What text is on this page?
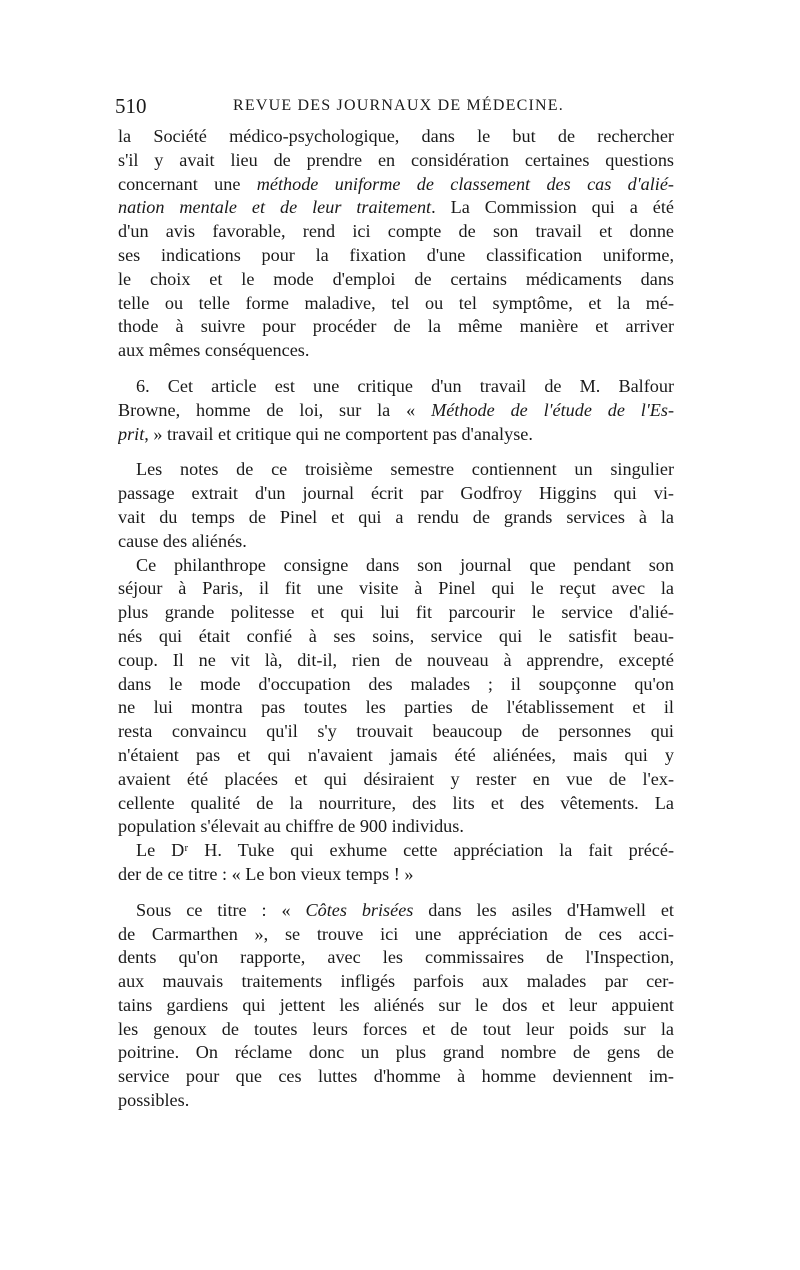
510	REVUE DES JOURNAUX DE MÉDECINE.
la Société médico-psychologique, dans le but de rechercher
s'il y avait lieu de prendre en considération certaines questions
concernant une méthode uniforme de classement des cas d'alié-
nation mentale et de leur traitement. La Commission qui a été
d'un avis favorable, rend ici compte de son travail et donne
ses indications pour la fixation d'une classification uniforme,
le choix et le mode d'emploi de certains médicaments dans
telle ou telle forme maladive, tel ou tel symptôme, et la mé-
thode à suivre pour procéder de la même manière et arriver
aux mêmes conséquences.
6. Cet article est une critique d'un travail de M. Balfour
Browne, homme de loi, sur la « Méthode de l'étude de l'Es-
prit, » travail et critique qui ne comportent pas d'analyse.
Les notes de ce troisième semestre contiennent un singulier
passage extrait d'un journal écrit par Godfroy Higgins qui vi-
vait du temps de Pinel et qui a rendu de grands services à la
cause des aliénés.
Ce philanthrope consigne dans son journal que pendant son
séjour à Paris, il fit une visite à Pinel qui le reçut avec la
plus grande politesse et qui lui fit parcourir le service d'alié-
nés qui était confié à ses soins, service qui le satisfit beau-
coup. Il ne vit là, dit-il, rien de nouveau à apprendre, excepté
dans le mode d'occupation des malades ; il soupçonne qu'on
ne lui montra pas toutes les parties de l'établissement et il
resta convaincu qu'il s'y trouvait beaucoup de personnes qui
n'étaient pas et qui n'avaient jamais été aliénées, mais qui y
avaient été placées et qui désiraient y rester en vue de l'ex-
cellente qualité de la nourriture, des lits et des vêtements. La
population s'élevait au chiffre de 900 individus.
Le Dʳ H. Tuke qui exhume cette appréciation la fait précé-
der de ce titre : « Le bon vieux temps ! »
Sous ce titre : « Côtes brisées dans les asiles d'Hamwell et
de Carmarthen », se trouve ici une appréciation de ces acci-
dents qu'on rapporte, avec les commissaires de l'Inspection,
aux mauvais traitements infligés parfois aux malades par cer-
tains gardiens qui jettent les aliénés sur le dos et leur appuient
les genoux de toutes leurs forces et de tout leur poids sur la
poitrine. On réclame donc un plus grand nombre de gens de
service pour que ces luttes d'homme à homme deviennent im-
possibles.
